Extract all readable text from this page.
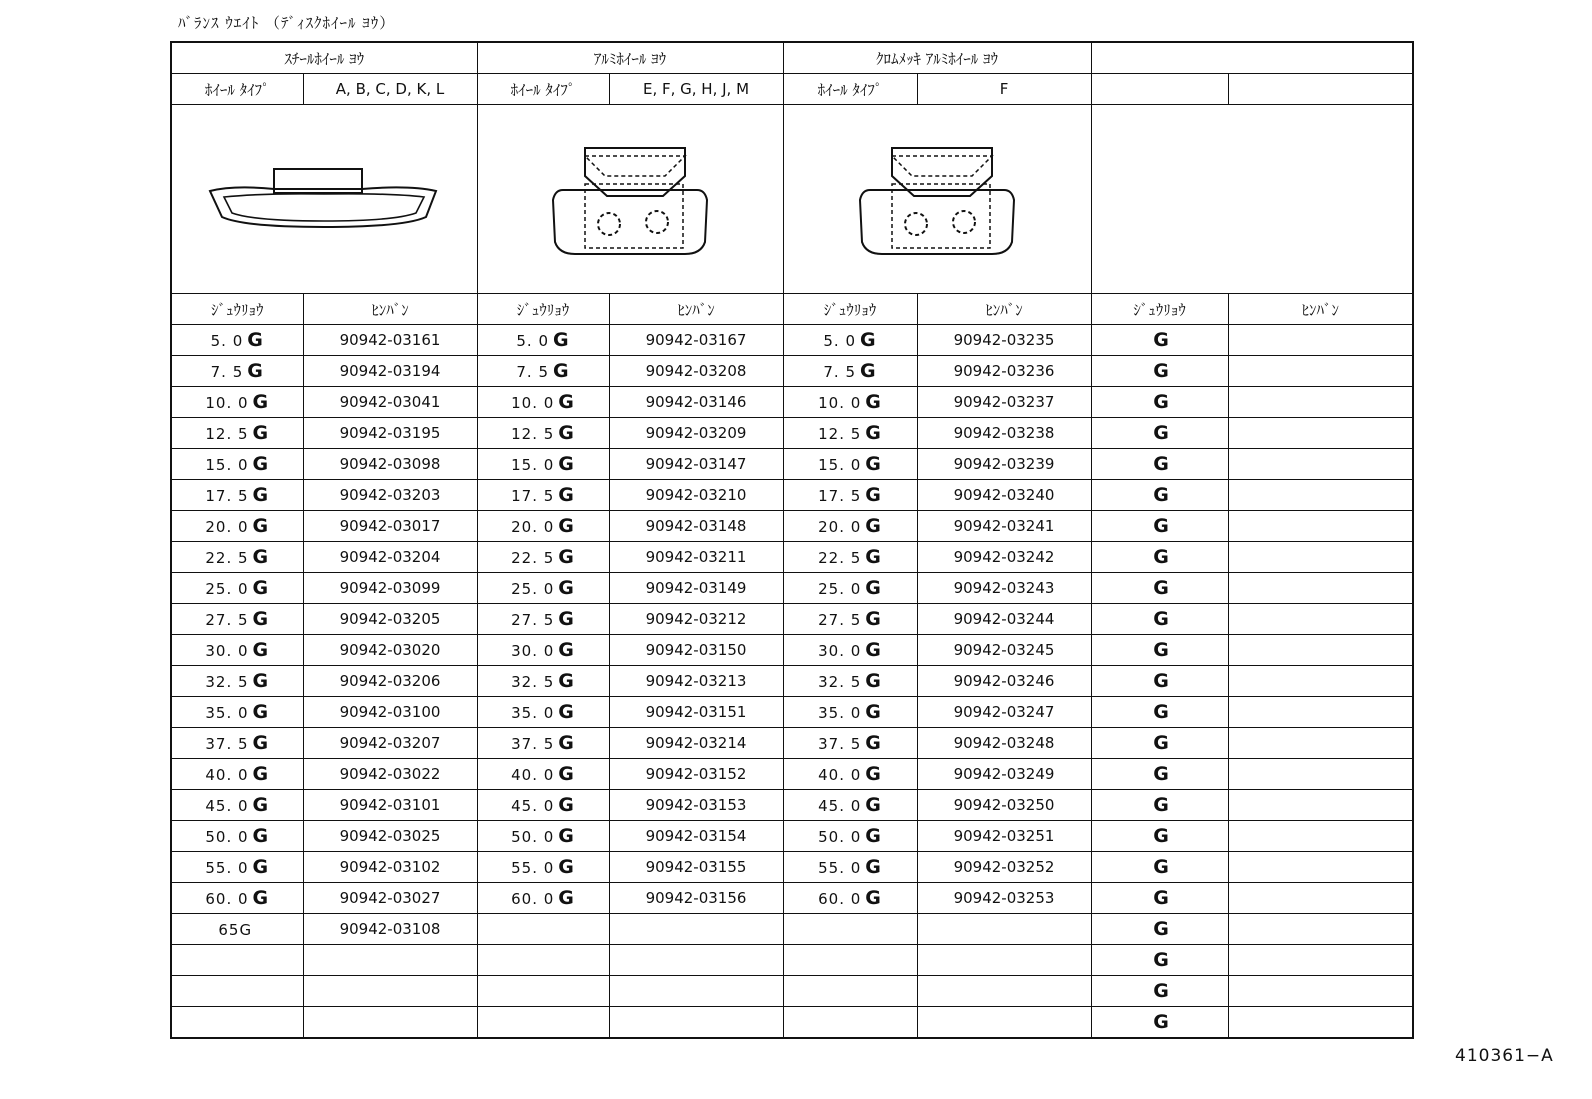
ﾊﾞﾗﾝｽ ｳｴｲﾄ （ﾃﾞｨｽｸﾎｲｰﾙ ﾖｳ）
ｽﾁｰﾙﾎｲｰﾙ ﾖｳ		ｱﾙﾐﾎｲｰﾙ ﾖｳ		ｸﾛﾑﾒｯｷ ｱﾙﾐﾎｲｰﾙ ﾖｳ			
ﾎｲｰﾙ ﾀｲﾌﾟ	A, B, C, D, K, L	ﾎｲｰﾙ ﾀｲﾌﾟ	E, F, G, H, J, M	ﾎｲｰﾙ ﾀｲﾌﾟ	F		

ｼﾞｭｳﾘｮｳ	ﾋﾝﾊﾞﾝ	ｼﾞｭｳﾘｮｳ	ﾋﾝﾊﾞﾝ	ｼﾞｭｳﾘｮｳ	ﾋﾝﾊﾞﾝ	ｼﾞｭｳﾘｮｳ	ﾋﾝﾊﾞﾝ
5. 0 G	90942-03161	5. 0 G	90942-03167	5. 0 G	90942-03235	G	
7. 5 G	90942-03194	7. 5 G	90942-03208	7. 5 G	90942-03236	G	
10. 0 G	90942-03041	10. 0 G	90942-03146	10. 0 G	90942-03237	G	
12. 5 G	90942-03195	12. 5 G	90942-03209	12. 5 G	90942-03238	G	
15. 0 G	90942-03098	15. 0 G	90942-03147	15. 0 G	90942-03239	G	
17. 5 G	90942-03203	17. 5 G	90942-03210	17. 5 G	90942-03240	G	
20. 0 G	90942-03017	20. 0 G	90942-03148	20. 0 G	90942-03241	G	
22. 5 G	90942-03204	22. 5 G	90942-03211	22. 5 G	90942-03242	G	
25. 0 G	90942-03099	25. 0 G	90942-03149	25. 0 G	90942-03243	G	
27. 5 G	90942-03205	27. 5 G	90942-03212	27. 5 G	90942-03244	G	
30. 0 G	90942-03020	30. 0 G	90942-03150	30. 0 G	90942-03245	G	
32. 5 G	90942-03206	32. 5 G	90942-03213	32. 5 G	90942-03246	G	
35. 0 G	90942-03100	35. 0 G	90942-03151	35. 0 G	90942-03247	G	
37. 5 G	90942-03207	37. 5 G	90942-03214	37. 5 G	90942-03248	G	
40. 0 G	90942-03022	40. 0 G	90942-03152	40. 0 G	90942-03249	G	
45. 0 G	90942-03101	45. 0 G	90942-03153	45. 0 G	90942-03250	G	
50. 0 G	90942-03025	50. 0 G	90942-03154	50. 0 G	90942-03251	G	
55. 0 G	90942-03102	55. 0 G	90942-03155	55. 0 G	90942-03252	G	
60. 0 G	90942-03027	60. 0 G	90942-03156	60. 0 G	90942-03253	G	
65G	90942-03108					G	
						G	
						G	
						G	
410361−A
